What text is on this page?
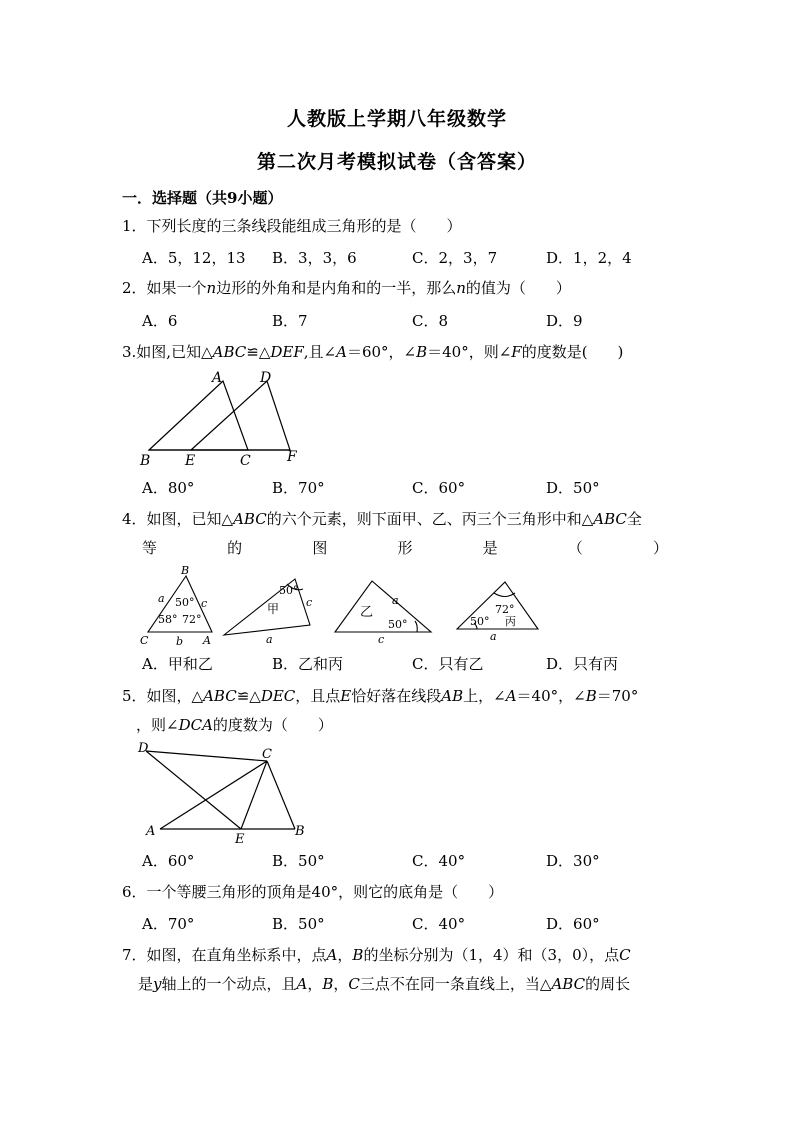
人教版上学期八年级数学
第二次月考模拟试卷（含答案）
一．选择题（共9小题）
1．下列长度的三条线段能组成三角形的是（　　）
A．5，12，13 B．3，3，6	C．2，3，7	D．1，2，4
2．如果一个n边形的外角和是内角和的一半，那么n的值为（　　）
A．6	B．7	C．8	D．9
3.如图,已知△ABC≌△DEF,且∠A＝60°，∠B＝40°，则∠F的度数是(　　)
A	D
B E	C	F
A．80°	B．70°	C．60°	D．50°
4．如图，已知△ABC的六个元素，则下面甲、乙、丙三个三角形中和△ABC全
等	的	图	形	是	（	）
B
a 50° c
58° 72°
C	b A
50°
甲 c
a
乙
a
50°
c
72°
50° 丙
a
A．甲和乙	B．乙和丙	C．只有乙	D．只有丙
5．如图，△ABC≌△DEC，且点E恰好落在线段AB上，∠A＝40°，∠B＝70°
，则∠DCA的度数为（　　）
D	C
A
E
B
A．60°	B．50°	C．40°	D．30°
6．一个等腰三角形的顶角是40°，则它的底角是（　　）
A．70°	B．50°	C．40°	D．60°
7．如图，在直角坐标系中，点A，B的坐标分别为（1，4）和（3，0），点C
是y轴上的一个动点，且A，B，C三点不在同一条直线上，当△ABC的周长
